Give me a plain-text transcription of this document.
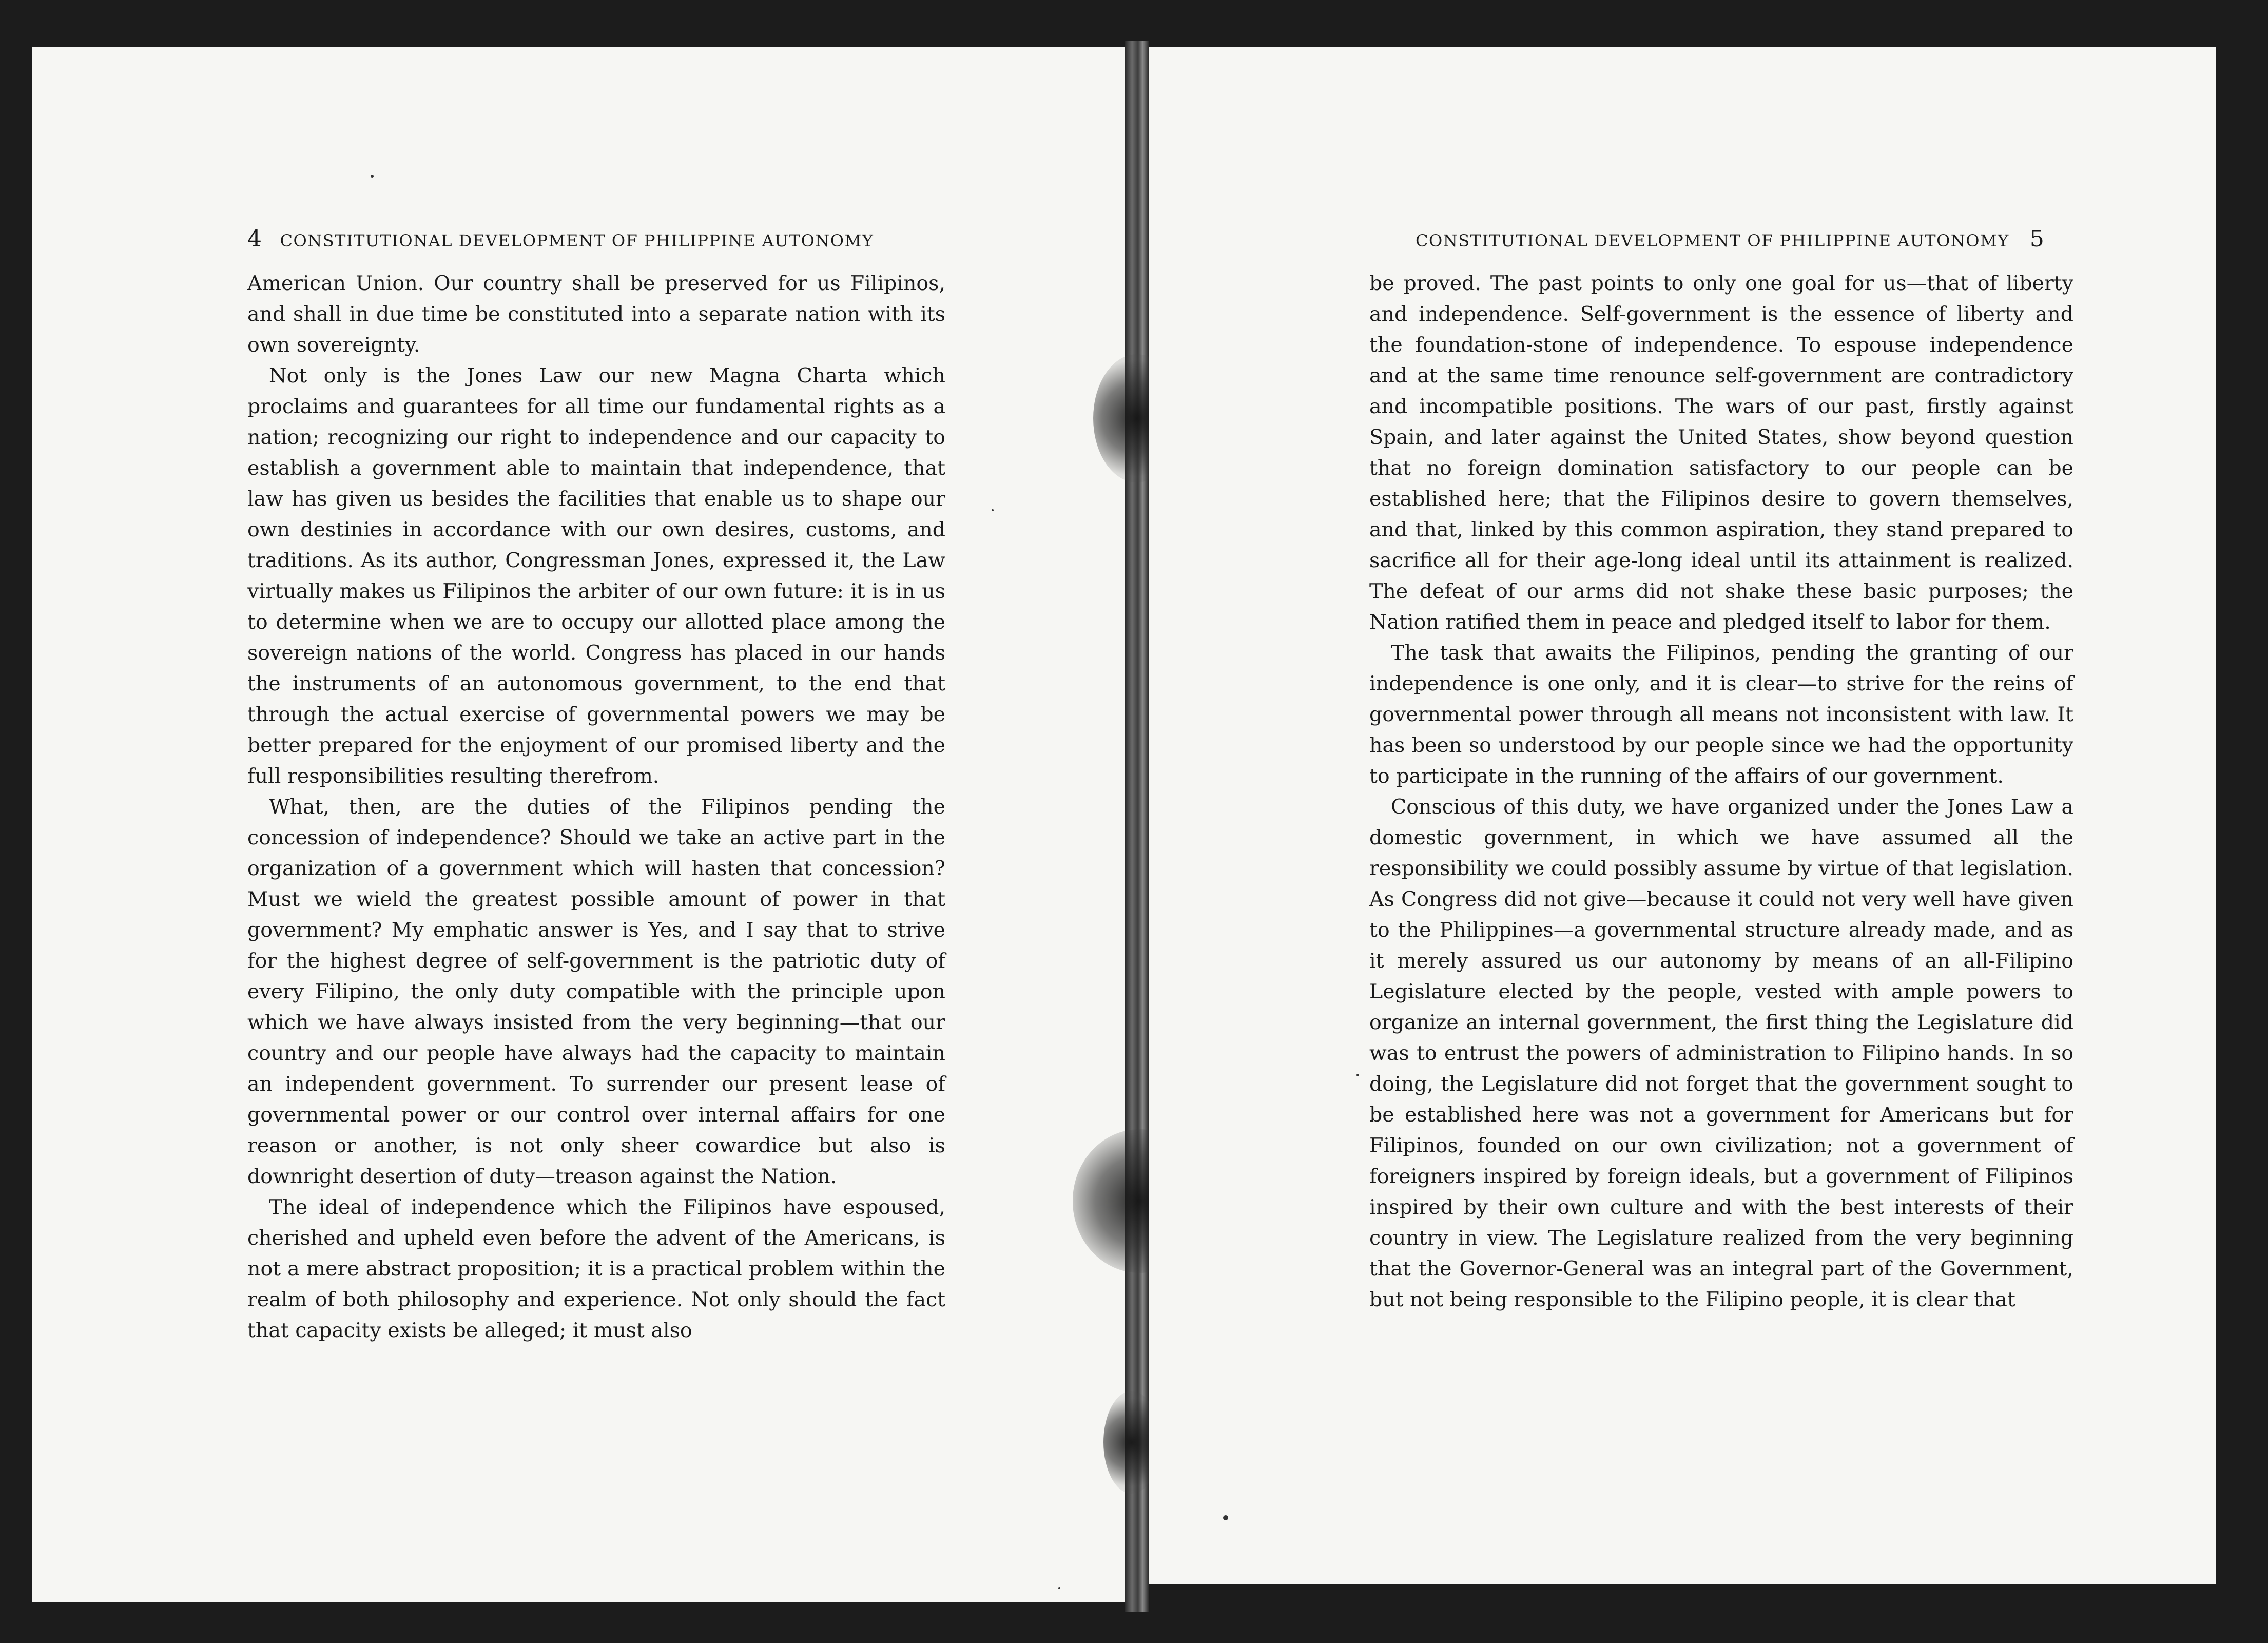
4 CONSTITUTIONAL DEVELOPMENT OF PHILIPPINE AUTONOMY

American Union. Our country shall be preserved for us Filipinos, and shall in due time be constituted into a separate nation with its own sovereignty.

Not only is the Jones Law our new Magna Charta which proclaims and guarantees for all time our fundamental rights as a nation; recognizing our right to independence and our capacity to establish a government able to maintain that independence, that law has given us besides the facilities that enable us to shape our own destinies in accordance with our own desires, customs, and traditions. As its author, Congressman Jones, expressed it, the Law virtually makes us Filipinos the arbiter of our own future: it is in us to determine when we are to occupy our allotted place among the sovereign nations of the world. Congress has placed in our hands the instruments of an autonomous government, to the end that through the actual exercise of governmental powers we may be better prepared for the enjoyment of our promised liberty and the full responsibilities resulting therefrom.

What, then, are the duties of the Filipinos pending the concession of independence? Should we take an active part in the organization of a government which will hasten that concession? Must we wield the greatest possible amount of power in that government? My emphatic answer is Yes, and I say that to strive for the highest degree of self-government is the patriotic duty of every Filipino, the only duty compatible with the principle upon which we have always insisted from the very beginning—that our country and our people have always had the capacity to maintain an independent government. To surrender our present lease of governmental power or our control over internal affairs for one reason or another, is not only sheer cowardice but also is downright desertion of duty—treason against the Nation.

The ideal of independence which the Filipinos have espoused, cherished and upheld even before the advent of the Americans, is not a mere abstract proposition; it is a practical problem within the realm of both philosophy and experience. Not only should the fact that capacity exists be alleged; it must also

CONSTITUTIONAL DEVELOPMENT OF PHILIPPINE AUTONOMY 5

be proved. The past points to only one goal for us—that of liberty and independence. Self-government is the essence of liberty and the foundation-stone of independence. To espouse independence and at the same time renounce self-government are contradictory and incompatible positions. The wars of our past, firstly against Spain, and later against the United States, show beyond question that no foreign domination satisfactory to our people can be established here; that the Filipinos desire to govern themselves, and that, linked by this common aspiration, they stand prepared to sacrifice all for their age-long ideal until its attainment is realized. The defeat of our arms did not shake these basic purposes; the Nation ratified them in peace and pledged itself to labor for them.

The task that awaits the Filipinos, pending the granting of our independence is one only, and it is clear—to strive for the reins of governmental power through all means not inconsistent with law. It has been so understood by our people since we had the opportunity to participate in the running of the affairs of our government.

Conscious of this duty, we have organized under the Jones Law a domestic government, in which we have assumed all the responsibility we could possibly assume by virtue of that legislation. As Congress did not give—because it could not very well have given to the Philippines—a governmental structure already made, and as it merely assured us our autonomy by means of an all-Filipino Legislature elected by the people, vested with ample powers to organize an internal government, the first thing the Legislature did was to entrust the powers of administration to Filipino hands. In so doing, the Legislature did not forget that the government sought to be established here was not a government for Americans but for Filipinos, founded on our own civilization; not a government of foreigners inspired by foreign ideals, but a government of Filipinos inspired by their own culture and with the best interests of their country in view. The Legislature realized from the very beginning that the Governor-General was an integral part of the Government, but not being responsible to the Filipino people, it is clear that
